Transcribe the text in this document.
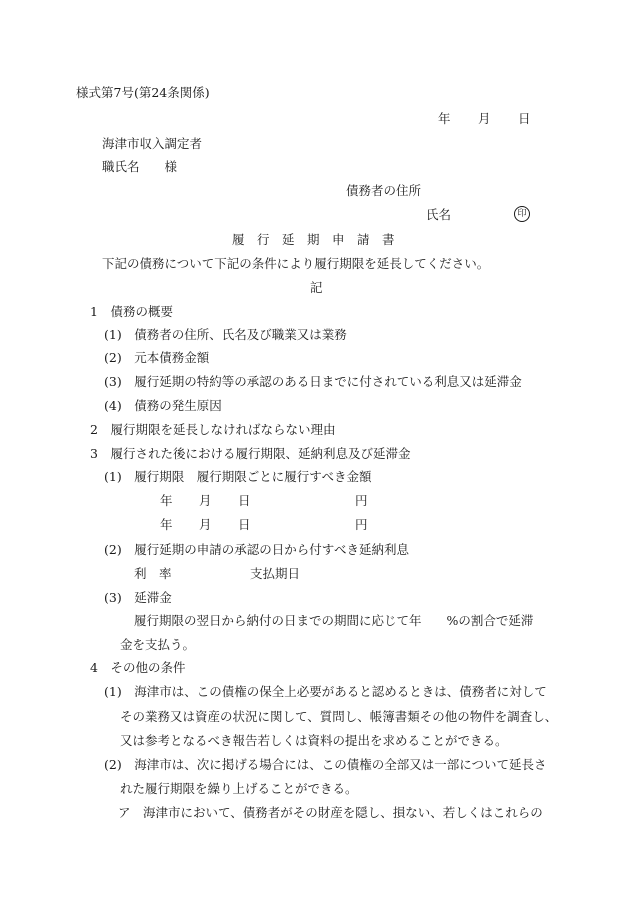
様式第7号(第24条関係)
年 月 日
海津市収入調定者
職氏名　　様
債務者の住所
氏名	印
履　行　延　期　申　請　書
下記の債務について下記の条件により履行期限を延長してください。
記
1　債務の概要
(1)　債務者の住所、氏名及び職業又は業務
(2)　元本債務金額
(3)　履行延期の特約等の承認のある日までに付されている利息又は延滞金
(4)　債務の発生原因
2　履行期限を延長しなければならない理由
3　履行された後における履行期限、延納利息及び延滞金
(1)　履行期限　履行期限ごとに履行すべき金額
年 月 日	円
年 月 日	円
(2)　履行延期の申請の承認の日から付すべき延納利息
利　率	支払期日
(3)　延滞金
履行期限の翌日から納付の日までの期間に応じて年　　%の割合で延滞
金を支払う。
4　その他の条件
(1)　海津市は、この債権の保全上必要があると認めるときは、債務者に対して
その業務又は資産の状況に関して、質問し、帳簿書類その他の物件を調査し、
又は参考となるべき報告若しくは資料の提出を求めることができる。
(2)　海津市は、次に掲げる場合には、この債権の全部又は一部について延長さ
れた履行期限を繰り上げることができる。
ア　海津市において、債務者がその財産を隠し、損ない、若しくはこれらの
